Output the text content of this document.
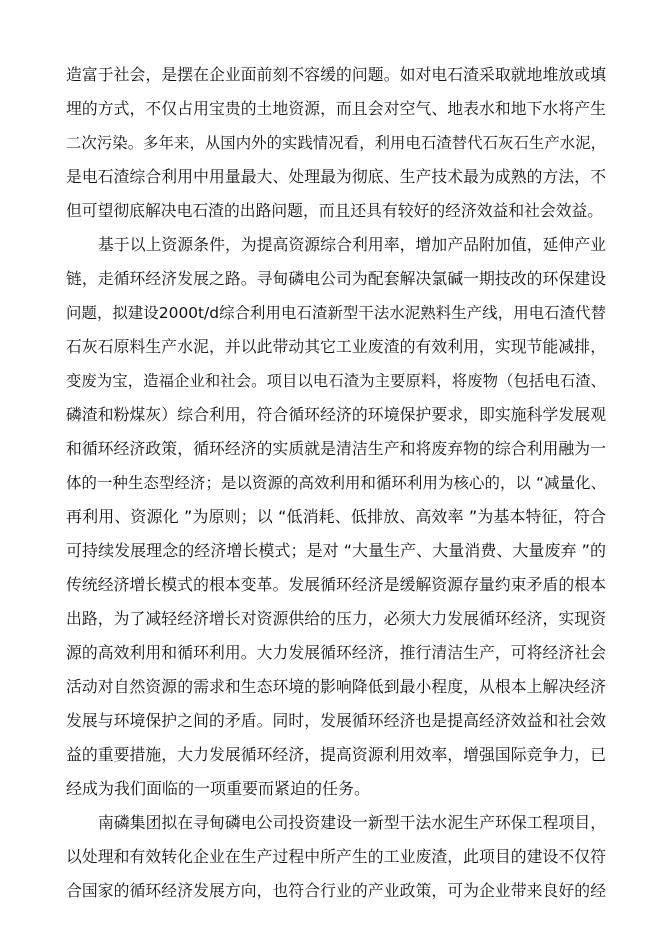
造富于社会，是摆在企业面前刻不容缓的问题。如对电石渣采取就地堆放或填
埋的方式，不仅占用宝贵的土地资源，而且会对空气、地表水和地下水将产生
二次污染。多年来，从国内外的实践情况看，利用电石渣替代石灰石生产水泥，
是电石渣综合利用中用量最大、处理最为彻底、生产技术最为成熟的方法，不
但可望彻底解决电石渣的出路问题，而且还具有较好的经济效益和社会效益。
基于以上资源条件，为提高资源综合利用率，增加产品附加值，延伸产业
链，走循环经济发展之路。寻甸磷电公司为配套解决氯碱一期技改的环保建设
问题，拟建设2000t/d综合利用电石渣新型干法水泥熟料生产线，用电石渣代替
石灰石原料生产水泥，并以此带动其它工业废渣的有效利用，实现节能减排，
变废为宝，造福企业和社会。项目以电石渣为主要原料，将废物（包括电石渣、
磷渣和粉煤灰）综合利用，符合循环经济的环境保护要求，即实施科学发展观
和循环经济政策，循环经济的实质就是清洁生产和将废弃物的综合利用融为一
体的一种生态型经济；是以资源的高效利用和循环利用为核心的，以 “减量化、
再利用、资源化 ”为原则；以 “低消耗、低排放、高效率 ”为基本特征，符合
可持续发展理念的经济增长模式；是对 “大量生产、大量消费、大量废弃 ”的
传统经济增长模式的根本变革。发展循环经济是缓解资源存量约束矛盾的根本
出路，为了减轻经济增长对资源供给的压力，必须大力发展循环经济，实现资
源的高效利用和循环利用。大力发展循环经济，推行清洁生产，可将经济社会
活动对自然资源的需求和生态环境的影响降低到最小程度，从根本上解决经济
发展与环境保护之间的矛盾。同时，发展循环经济也是提高经济效益和社会效
益的重要措施，大力发展循环经济，提高资源利用效率，增强国际竞争力，已
经成为我们面临的一项重要而紧迫的任务。
南磷集团拟在寻甸磷电公司投资建设一新型干法水泥生产环保工程项目，
以处理和有效转化企业在生产过程中所产生的工业废渣，此项目的建设不仅符
合国家的循环经济发展方向，也符合行业的产业政策，可为企业带来良好的经
